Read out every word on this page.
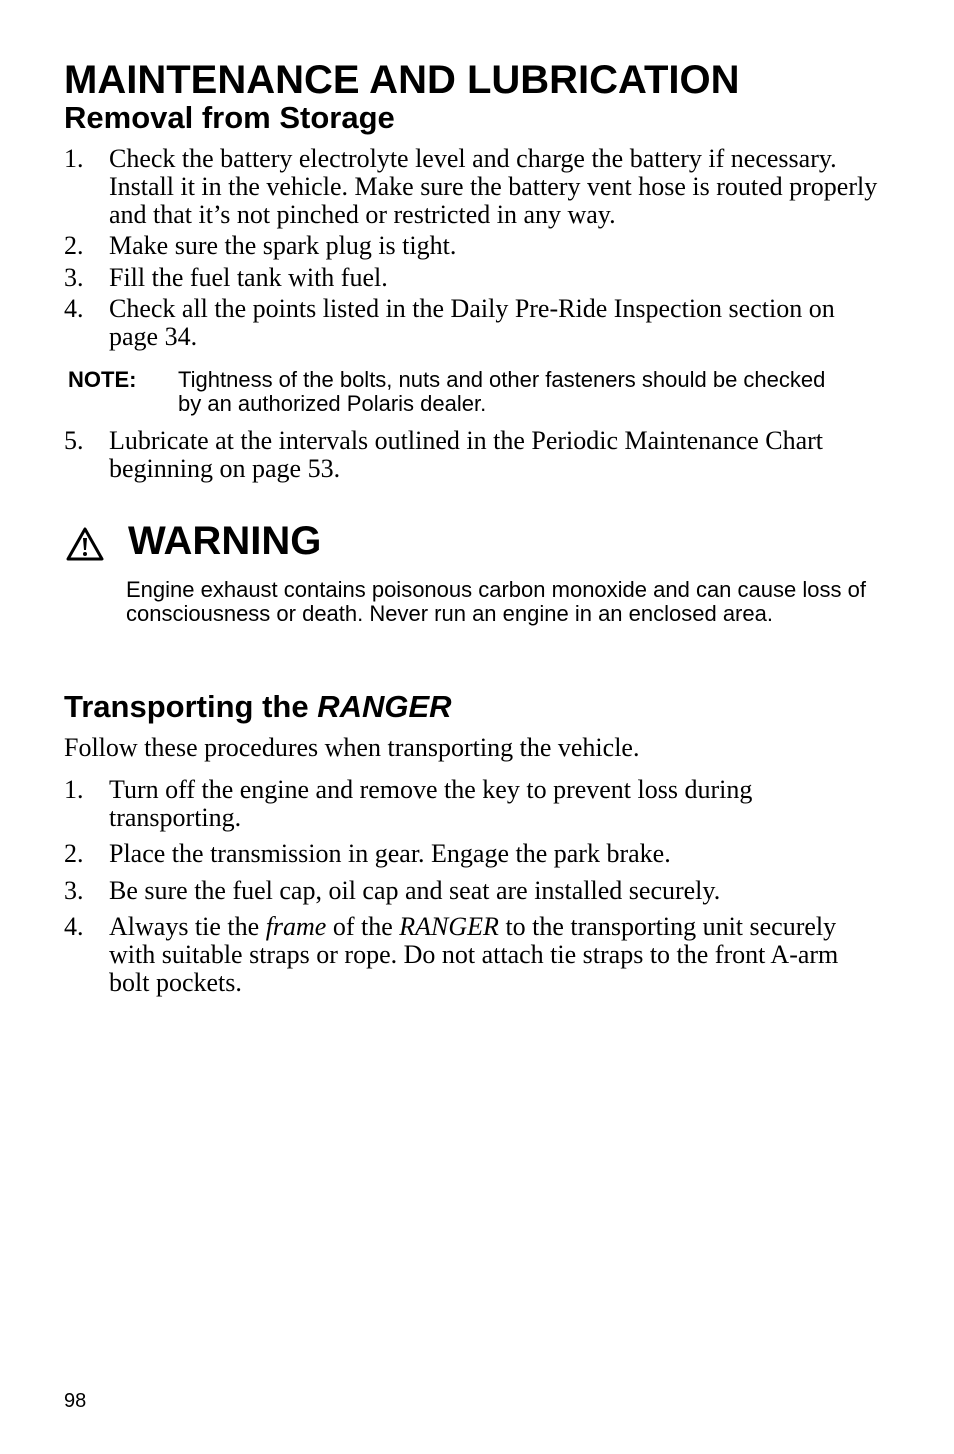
MAINTENANCE AND LUBRICATION
Removal from Storage
1. Check the battery electrolyte level and charge the battery if necessary. Install it in the vehicle. Make sure the battery vent hose is routed properly and that it’s not pinched or restricted in any way.
2. Make sure the spark plug is tight.
3. Fill the fuel tank with fuel.
4. Check all the points listed in the Daily Pre-Ride Inspection section on page 34.
NOTE: Tightness of the bolts, nuts and other fasteners should be checked by an authorized Polaris dealer.
5. Lubricate at the intervals outlined in the Periodic Maintenance Chart beginning on page 53.
WARNING
Engine exhaust contains poisonous carbon monoxide and can cause loss of consciousness or death. Never run an engine in an enclosed area.
Transporting the RANGER
Follow these procedures when transporting the vehicle.
1. Turn off the engine and remove the key to prevent loss during transporting.
2. Place the transmission in gear. Engage the park brake.
3. Be sure the fuel cap, oil cap and seat are installed securely.
4. Always tie the frame of the RANGER to the transporting unit securely with suitable straps or rope. Do not attach tie straps to the front A-arm bolt pockets.
98
